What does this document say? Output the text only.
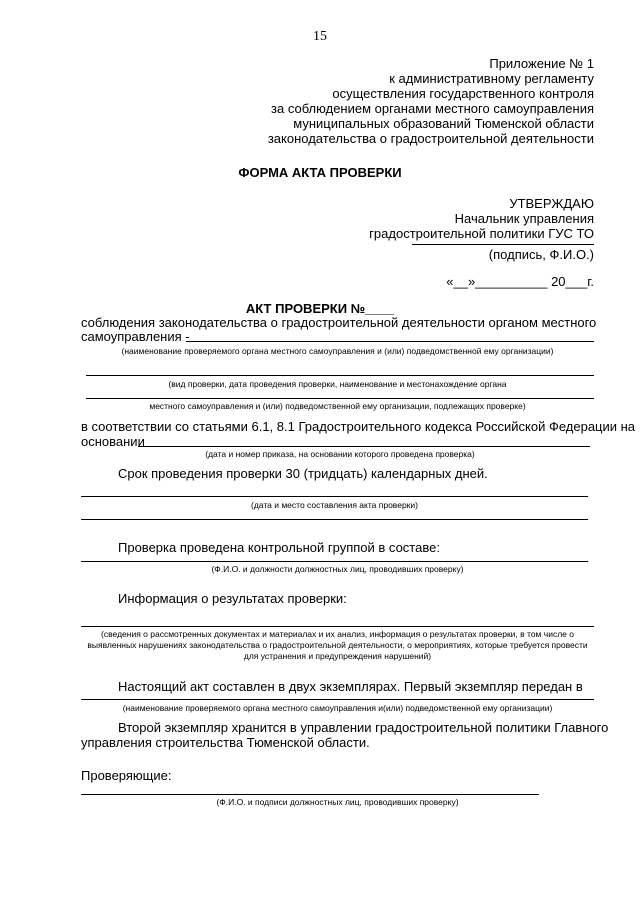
15
Приложение № 1
к административному регламенту
осуществления государственного контроля
за соблюдением органами местного самоуправления
муниципальных образований Тюменской области
законодательства о градостроительной деятельности
ФОРМА АКТА ПРОВЕРКИ
УТВЕРЖДАЮ
Начальник управления
градостроительной политики ГУС ТО
(подпись, Ф.И.О.)
«__»__________ 20___г.
АКТ ПРОВЕРКИ №____
соблюдения законодательства о градостроительной деятельности органом местного
самоуправления -
(наименование проверяемого органа местного самоуправления и (или) подведомственной ему организации)
(вид проверки, дата проведения проверки, наименование и местонахождение органа
местного самоуправления и (или) подведомственной ему организации, подлежащих проверке)
в соответствии со статьями 6.1, 8.1 Градостроительного кодекса Российской Федерации на
основании
(дата и номер приказа, на основании которого проведена проверка)
Срок проведения проверки 30 (тридцать) календарных дней.
(дата и место составления акта проверки)
Проверка проведена контрольной группой в составе:
(Ф.И.О. и должности должностных лиц, проводивших проверку)
Информация о результатах проверки:
(сведения о рассмотренных документах и материалах и их анализ, информация о результатах проверки, в том числе о выявленных нарушениях законодательства о градостроительной деятельности, о мероприятиях, которые требуется провести для устранения и предупреждения нарушений)
Настоящий акт составлен в двух экземплярах. Первый экземпляр передан в
(наименование проверяемого органа местного самоуправления и(или) подведомственной ему организации)
Второй экземпляр хранится в управлении градостроительной политики Главного
управления строительства Тюменской области.
Проверяющие:
(Ф.И.О. и подписи должностных лиц, проводивших проверку)
